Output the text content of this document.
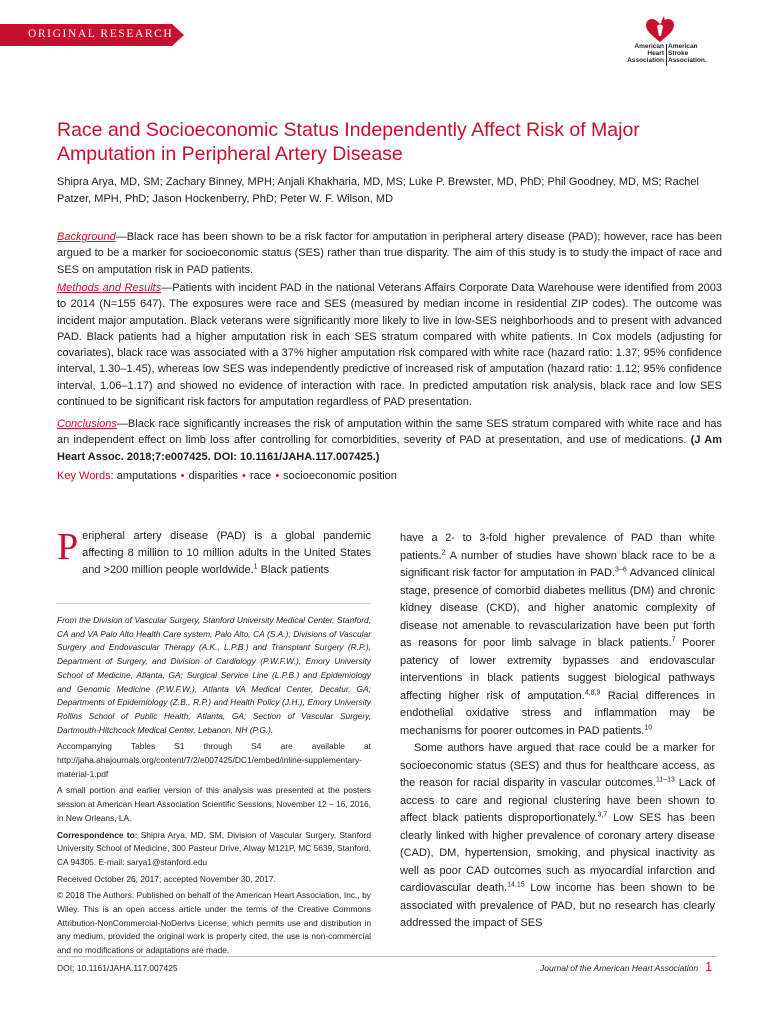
ORIGINAL RESEARCH
American Heart Association
American Stroke Association.
Race and Socioeconomic Status Independently Affect Risk of Major Amputation in Peripheral Artery Disease
Shipra Arya, MD, SM; Zachary Binney, MPH; Anjali Khakharia, MD, MS; Luke P. Brewster, MD, PhD; Phil Goodney, MD, MS; Rachel Patzer, MPH, PhD; Jason Hockenberry, PhD; Peter W. F. Wilson, MD
Background—Black race has been shown to be a risk factor for amputation in peripheral artery disease (PAD); however, race has been argued to be a marker for socioeconomic status (SES) rather than true disparity. The aim of this study is to study the impact of race and SES on amputation risk in PAD patients.
Methods and Results—Patients with incident PAD in the national Veterans Affairs Corporate Data Warehouse were identified from 2003 to 2014 (N=155 647). The exposures were race and SES (measured by median income in residential ZIP codes). The outcome was incident major amputation. Black veterans were significantly more likely to live in low-SES neighborhoods and to present with advanced PAD. Black patients had a higher amputation risk in each SES stratum compared with white patients. In Cox models (adjusting for covariates), black race was associated with a 37% higher amputation risk compared with white race (hazard ratio: 1.37; 95% confidence interval, 1.30–1.45), whereas low SES was independently predictive of increased risk of amputation (hazard ratio: 1.12; 95% confidence interval, 1.06–1.17) and showed no evidence of interaction with race. In predicted amputation risk analysis, black race and low SES continued to be significant risk factors for amputation regardless of PAD presentation.
Conclusions—Black race significantly increases the risk of amputation within the same SES stratum compared with white race and has an independent effect on limb loss after controlling for comorbidities, severity of PAD at presentation, and use of medications. (J Am Heart Assoc. 2018;7:e007425. DOI: 10.1161/JAHA.117.007425.)
Key Words: amputations • disparities • race • socioeconomic position
Peripheral artery disease (PAD) is a global pandemic affecting 8 million to 10 million adults in the United States and >200 million people worldwide.$^1$ Black patients

From the Division of Vascular Surgery, Stanford University Medical Center, Stanford, CA and VA Palo Alto Health Care system, Palo Alto, CA (S.A.); Divisions of Vascular Surgery and Endovascular Therapy (A.K., L.P.B.) and Transplant Surgery (R.P.), Department of Surgery, and Division of Cardiology (P.W.F.W.), Emory University School of Medicine, Atlanta, GA; Surgical Service Line (L.P.B.) and Epidemiology and Genomic Medicine (P.W.F.W.), Atlanta VA Medical Center, Decatur, GA; Departments of Epidemiology (Z.B., R.P.) and Health Policy (J.H.), Emory University Rollins School of Public Health, Atlanta, GA; Section of Vascular Surgery, Dartmouth-Hitchcock Medical Center, Lebanon, NH (P.G.).

Accompanying Tables S1 through S4 are available at http://jaha.ahajournals.org/content/7/2/e007425/DC1/embed/inline-supplementary-material-1.pdf

A small portion and earlier version of this analysis was presented at the posters session at American Heart Association Scientific Sessions, November 12 – 16, 2016, in New Orleans, LA.

Correspondence to: Shipra Arya, MD, SM, Division of Vascular Surgery, Stanford University School of Medicine, 300 Pasteur Drive, Alway M121P, MC 5639, Stanford, CA 94305. E-mail: sarya1@stanford.edu

Received October 26, 2017; accepted November 30, 2017.

© 2018 The Authors. Published on behalf of the American Heart Association, Inc., by Wiley. This is an open access article under the terms of the Creative Commons Attribution-NonCommercial-NoDerivs License, which permits use and distribution in any medium, provided the original work is properly cited, the use is non-commercial and no modifications or adaptations are made.

have a 2- to 3-fold higher prevalence of PAD than white patients.$^2$ A number of studies have shown black race to be a significant risk factor for amputation in PAD.$^{3-6}$ Advanced clinical stage, presence of comorbid diabetes mellitus (DM) and chronic kidney disease (CKD), and higher anatomic complexity of disease not amenable to revascularization have been put forth as reasons for poor limb salvage in black patients.$^7$ Poorer patency of lower extremity bypasses and endovascular interventions in black patients suggest biological pathways affecting higher risk of amputation.$^{4,8,9}$ Racial differences in endothelial oxidative stress and inflammation may be mechanisms for poorer outcomes in PAD patients.$^{10}$

Some authors have argued that race could be a marker for socioeconomic status (SES) and thus for healthcare access, as the reason for racial disparity in vascular outcomes.$^{11-13}$ Lack of access to care and regional clustering have been shown to affect black patients disproportionately.$^{3,7}$ Low SES has been clearly linked with higher prevalence of coronary artery disease (CAD), DM, hypertension, smoking, and physical inactivity as well as poor CAD outcomes such as myocardial infarction and cardiovascular death.$^{14,15}$ Low income has been shown to be associated with prevalence of PAD, but no research has clearly addressed the impact of SES

DOI: 10.1161/JAHA.117.007425	Journal of the American Heart Association 1
